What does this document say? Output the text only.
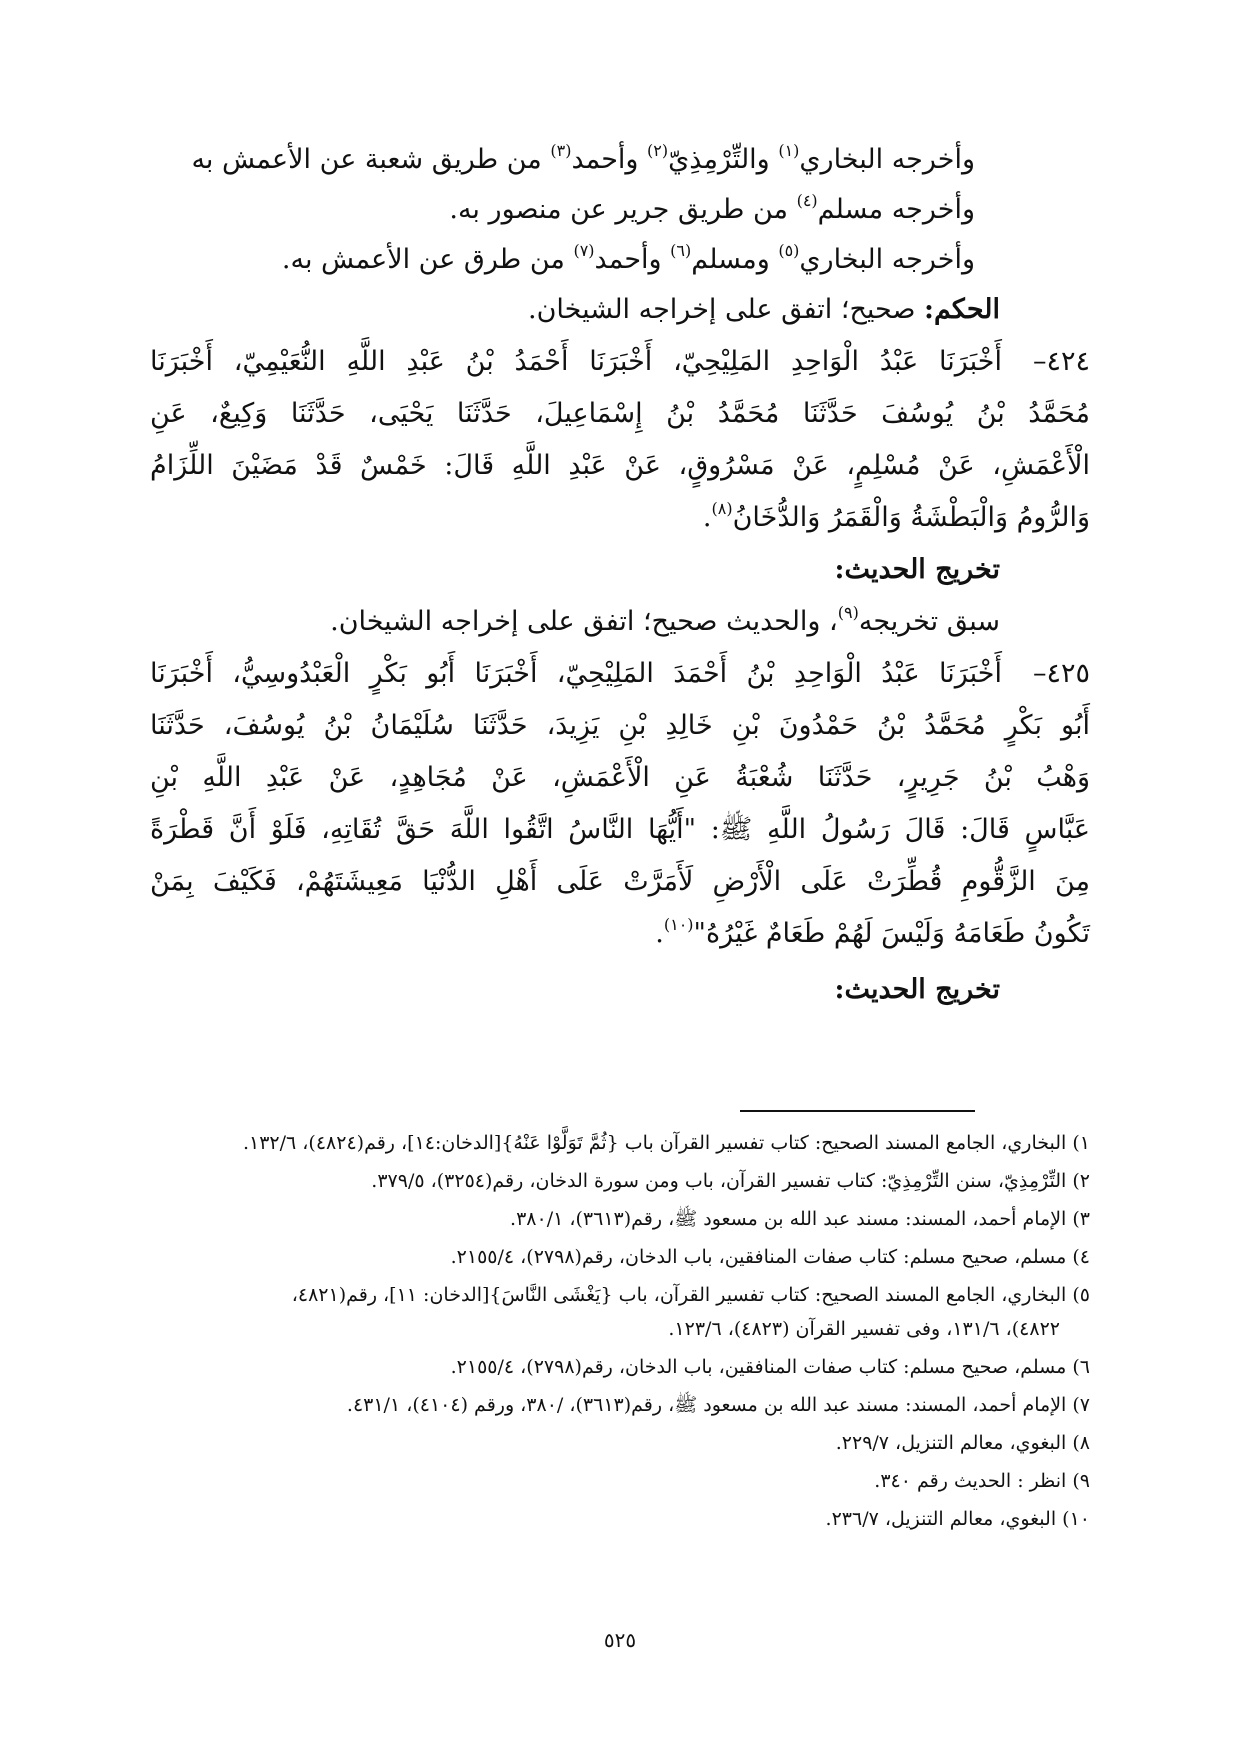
وأخرجه البخاري$^{(١)}$ والتِّرْمِذِيّ$^{(٢)}$ وأحمد$^{(٣)}$ من طريق شعبة عن الأعمش به
وأخرجه مسلم$^{(٤)}$ من طريق جرير عن منصور به.
وأخرجه البخاري$^{(٥)}$ ومسلم$^{(٦)}$ وأحمد$^{(٧)}$ من طرق عن الأعمش به.
الحكم: صحيح؛ اتفق على إخراجه الشيخان.
٤٢٤–أَخْبَرَنَا عَبْدُ الْوَاحِدِ المَلِيْحِيّ، أَخْبَرَنَا أَحْمَدُ بْنُ عَبْدِ اللَّهِ النُّعَيْمِيّ، أَخْبَرَنَا
مُحَمَّدُ بْنُ يُوسُفَ حَدَّثَنَا مُحَمَّدُ بْنُ إِسْمَاعِيلَ، حَدَّثَنَا يَحْيَى، حَدَّثَنَا وَكِيعٌ، عَنِ
الْأَعْمَشِ، عَنْ مُسْلِمٍ، عَنْ مَسْرُوقٍ، عَنْ عَبْدِ اللَّهِ قَالَ: خَمْسٌ قَدْ مَضَيْنَ اللِّزَامُ
وَالرُّومُ وَالْبَطْشَةُ وَالْقَمَرُ وَالدُّخَانُ$^{(٨)}$.
تخريج الحديث:
سبق تخريجه$^{(٩)}$، والحديث صحيح؛ اتفق على إخراجه الشيخان.
٤٢٥–أَخْبَرَنَا عَبْدُ الْوَاحِدِ بْنُ أَحْمَدَ المَلِيْحِيّ، أَخْبَرَنَا أَبُو بَكْرٍ الْعَبْدُوسِيُّ، أَخْبَرَنَا
أَبُو بَكْرٍ مُحَمَّدُ بْنُ حَمْدُونَ بْنِ خَالِدِ بْنِ يَزِيدَ، حَدَّثَنَا سُلَيْمَانُ بْنُ يُوسُفَ، حَدَّثَنَا
وَهْبُ بْنُ جَرِيرٍ، حَدَّثَنَا شُعْبَةُ عَنِ الْأَعْمَشِ، عَنْ مُجَاهِدٍ، عَنْ عَبْدِ اللَّهِ بْنِ
عَبَّاسٍ قَالَ: قَالَ رَسُولُ اللَّهِ ﷺ: "أَيُّهَا النَّاسُ اتَّقُوا اللَّهَ حَقَّ تُقَاتِهِ، فَلَوْ أَنَّ قَطْرَةً
مِنَ الزَّقُّومِ قُطِّرَتْ عَلَى الْأَرْضِ لَأَمَرَّتْ عَلَى أَهْلِ الدُّنْيَا مَعِيشَتَهُمْ، فَكَيْفَ بِمَنْ
تَكُونُ طَعَامَهُ وَلَيْسَ لَهُمْ طَعَامٌ غَيْرُهُ"$^{(١٠)}$.
تخريج الحديث:
١) البخاري، الجامع المسند الصحيح: كتاب تفسير القرآن باب {ثُمَّ تَوَلَّوْا عَنْهُ}[الدخان:١٤]، رقم(٤٨٢٤)، ١٣٢/٦.
٢) التِّرْمِذِيّ، سنن التِّرْمِذِيّ: كتاب تفسير القرآن، باب ومن سورة الدخان، رقم(٣٢٥٤)، ٣٧٩/٥.
٣) الإمام أحمد، المسند: مسند عبد الله بن مسعود ﷺ، رقم(٣٦١٣)، ٣٨٠/١.
٤) مسلم، صحيح مسلم: كتاب صفات المنافقين، باب الدخان، رقم(٢٧٩٨)، ٢١٥٥/٤.
٥) البخاري، الجامع المسند الصحيح: كتاب تفسير القرآن، باب {يَغْشَى النَّاسَ}[الدخان: ١١]، رقم(٤٨٢١،
٤٨٢٢)، ١٣١/٦، وفى تفسير القرآن (٤٨٢٣)، ١٢٣/٦.
٦) مسلم، صحيح مسلم: كتاب صفات المنافقين، باب الدخان، رقم(٢٧٩٨)، ٢١٥٥/٤.
٧) الإمام أحمد، المسند: مسند عبد الله بن مسعود ﷺ، رقم(٣٦١٣)، /٣٨٠، ورقم (٤١٠٤)، ٤٣١/١.
٨) البغوي، معالم التنزيل، ٢٢٩/٧.
٩) انظر : الحديث رقم ٣٤٠.
١٠) البغوي، معالم التنزيل، ٢٣٦/٧.
٥٢٥
